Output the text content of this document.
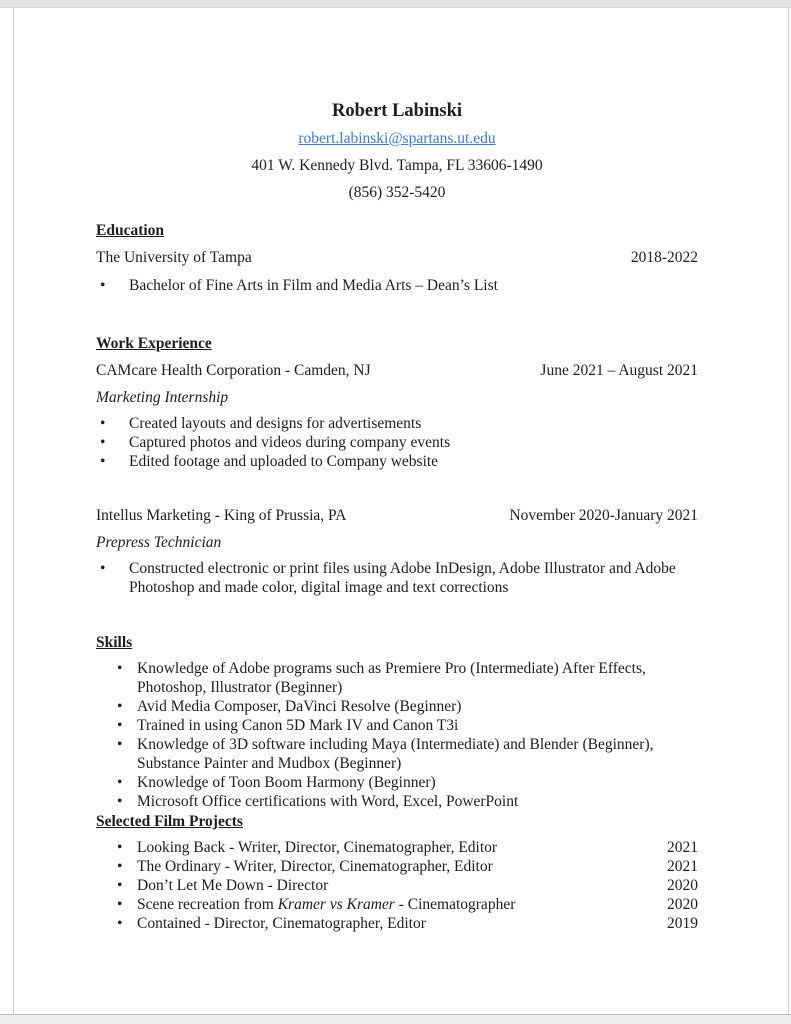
Robert Labinski
robert.labinski@spartans.ut.edu
401 W. Kennedy Blvd. Tampa, FL 33606-1490
(856) 352-5420
Education
The University of Tampa	2018-2022
•	Bachelor of Fine Arts in Film and Media Arts – Dean’s List
Work Experience
CAMcare Health Corporation - Camden, NJ	June 2021 – August 2021
Marketing Internship
•	Created layouts and designs for advertisements
•	Captured photos and videos during company events
•	Edited footage and uploaded to Company website
Intellus Marketing - King of Prussia, PA	November 2020-January 2021
Prepress Technician
•	Constructed electronic or print files using Adobe InDesign, Adobe Illustrator and Adobe Photoshop and made color, digital image and text corrections
Skills
• Knowledge of Adobe programs such as Premiere Pro (Intermediate) After Effects, Photoshop, Illustrator (Beginner)
• Avid Media Composer, DaVinci Resolve (Beginner)
• Trained in using Canon 5D Mark IV and Canon T3i
• Knowledge of 3D software including Maya (Intermediate) and Blender (Beginner), Substance Painter and Mudbox (Beginner)
• Knowledge of Toon Boom Harmony (Beginner)
• Microsoft Office certifications with Word, Excel, PowerPoint
Selected Film Projects
• Looking Back - Writer, Director, Cinematographer, Editor	2021
• The Ordinary - Writer, Director, Cinematographer, Editor	2021
• Don’t Let Me Down - Director	2020
• Scene recreation from Kramer vs Kramer - Cinematographer	2020
• Contained - Director, Cinematographer, Editor	2019
